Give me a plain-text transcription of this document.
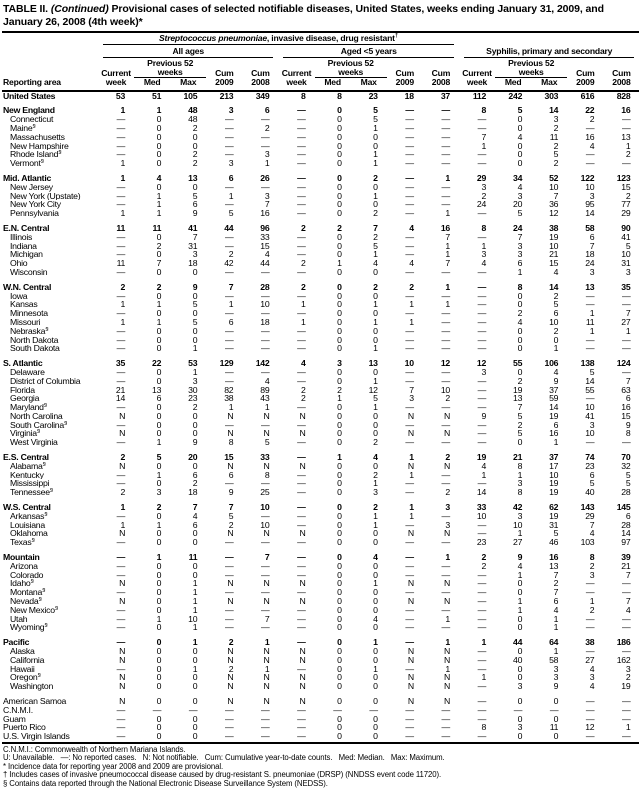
TABLE II. (Continued) Provisional cases of selected notifiable diseases, United States, weeks ending January 31, 2009, and January 26, 2008 (4th week)*
Reporting area	Streptococcus pneumoniae, invasive disease, drug resistant†

	All ages					Aged <5 years					Syphilis, primary and secondary				

	Current week	Previous 52 weeks		Cum 2009	Cum 2008	Current week	Previous 52 weeks		Cum 2009	Cum 2008	Current week	Previous 52 weeks		Cum 2009	Cum 2008
		Med	Max				Med	Max				Med	Max		
United States	53	51	105	213	349	8	8	23	18	37	112	242	303	616	828
New England	1	1	48	3	6	—	0	5	—	—	8	5	14	22	16
Connecticut	—	0	48	—	—	—	0	5	—	—	—	0	3	2	—
Maine§	—	0	2	—	2	—	0	1	—	—	—	0	2	—	—
Massachusetts	—	0	0	—	—	—	0	0	—	—	7	4	11	16	13
New Hampshire	—	0	0	—	—	—	0	0	—	—	1	0	2	4	1
Rhode Island§	—	0	2	—	3	—	0	1	—	—	—	0	5	—	2
Vermont§	1	0	2	3	1	—	0	1	—	—	—	0	2	—	—
Mid. Atlantic	1	4	13	6	26	—	0	2	—	1	29	34	52	122	123
New Jersey	—	0	0	—	—	—	0	0	—	—	3	4	10	10	15
New York (Upstate)	—	1	5	1	3	—	0	1	—	—	2	3	7	3	2
New York City	—	1	6	—	7	—	0	0	—	—	24	20	36	95	77
Pennsylvania	1	1	9	5	16	—	0	2	—	1	—	5	12	14	29
E.N. Central	11	11	41	44	96	2	2	7	4	16	8	24	38	58	90
Illinois	—	0	7	—	33	—	0	2	—	7	—	7	19	6	41
Indiana	—	2	31	—	15	—	0	5	—	1	1	3	10	7	5
Michigan	—	0	3	2	4	—	0	1	—	1	3	3	21	18	10
Ohio	11	7	18	42	44	2	1	4	4	7	4	6	15	24	31
Wisconsin	—	0	0	—	—	—	0	0	—	—	—	1	4	3	3
W.N. Central	2	2	9	7	28	2	0	2	2	1	—	8	14	13	35
Iowa	—	0	0	—	—	—	0	0	—	—	—	0	2	—	—
Kansas	1	1	5	1	10	1	0	1	1	1	—	0	5	—	—
Minnesota	—	0	0	—	—	—	0	0	—	—	—	2	6	1	7
Missouri	1	1	5	6	18	1	0	1	1	—	—	4	10	11	27
Nebraska§	—	0	0	—	—	—	0	0	—	—	—	0	2	1	1
North Dakota	—	0	0	—	—	—	0	0	—	—	—	0	0	—	—
South Dakota	—	0	1	—	—	—	0	1	—	—	—	0	1	—	—
S. Atlantic	35	22	53	129	142	4	3	13	10	12	12	55	106	138	124
Delaware	—	0	1	—	—	—	0	0	—	—	3	0	4	5	—
District of Columbia	—	0	3	—	4	—	0	1	—	—	—	2	9	14	7
Florida	21	13	30	82	89	2	2	12	7	10	—	19	37	55	63
Georgia	14	6	23	38	43	2	1	5	3	2	—	13	59	—	6
Maryland§	—	0	2	1	1	—	0	1	—	—	—	7	14	10	16
North Carolina	N	0	0	N	N	N	0	0	N	N	9	5	19	41	15
South Carolina§	—	0	0	—	—	—	0	0	—	—	—	2	6	3	9
Virginia§	N	0	0	N	N	N	0	0	N	N	—	5	16	10	8
West Virginia	—	1	9	8	5	—	0	2	—	—	—	0	1	—	—
E.S. Central	2	5	20	15	33	—	1	4	1	2	19	21	37	74	70
Alabama§	N	0	0	N	N	N	0	0	N	N	4	8	17	23	32
Kentucky	—	1	6	6	8	—	0	2	1	—	1	1	10	6	5
Mississippi	—	0	2	—	—	—	0	1	—	—	—	3	19	5	5
Tennessee§	2	3	18	9	25	—	0	3	—	2	14	8	19	40	28
W.S. Central	1	2	7	7	10	—	0	2	1	3	33	42	62	143	145
Arkansas§	—	0	4	5	—	—	0	1	1	—	10	3	19	29	6
Louisiana	1	1	6	2	10	—	0	1	—	3	—	10	31	7	28
Oklahoma	N	0	0	N	N	N	0	0	N	N	—	1	5	4	14
Texas§	—	0	0	—	—	—	0	0	—	—	23	27	46	103	97
Mountain	—	1	11	—	7	—	0	4	—	1	2	9	16	8	39
Arizona	—	0	0	—	—	—	0	0	—	—	2	4	13	2	21
Colorado	—	0	0	—	—	—	0	0	—	—	—	1	7	3	7
Idaho§	N	0	1	N	N	N	0	1	N	N	—	0	2	—	—
Montana§	—	0	1	—	—	—	0	0	—	—	—	0	7	—	—
Nevada§	N	0	1	N	N	N	0	0	N	N	—	1	6	1	7
New Mexico§	—	0	1	—	—	—	0	0	—	—	—	1	4	2	4
Utah	—	1	10	—	7	—	0	4	—	1	—	0	1	—	—
Wyoming§	—	0	1	—	—	—	0	0	—	—	—	0	1	—	—
Pacific	—	0	1	2	1	—	0	1	—	1	1	44	64	38	186
Alaska	N	0	0	N	N	N	0	0	N	N	—	0	1	—	—
California	N	0	0	N	N	N	0	0	N	N	—	40	58	27	162
Hawaii	—	0	1	2	1	—	0	1	—	1	—	0	3	4	3
Oregon§	N	0	0	N	N	N	0	0	N	N	1	0	3	3	2
Washington	N	0	0	N	N	N	0	0	N	N	—	3	9	4	19
American Samoa	N	0	0	N	N	N	0	0	N	N	—	0	0	—	—
C.N.M.I.	—	—	—	—	—	—	—	—	—	—	—	—	—	—	—
Guam	—	0	0	—	—	—	0	0	—	—	—	0	0	—	—
Puerto Rico	—	0	0	—	—	—	0	0	—	—	8	3	11	12	1
U.S. Virgin Islands	—	0	0	—	—	—	0	0	—	—	—	0	0	—	—
C.N.M.I.: Commonwealth of Northern Mariana Islands.
U: Unavailable.   —: No reported cases.   N: Not notifiable.   Cum: Cumulative year-to-date counts.   Med: Median.   Max: Maximum.
* Incidence data for reporting year 2008 and 2009 are provisional.
† Includes cases of invasive pneumococcal disease caused by drug-resistant S. pneumoniae (DRSP) (NNDSS event code 11720).
§ Contains data reported through the National Electronic Disease Surveillance System (NEDSS).
